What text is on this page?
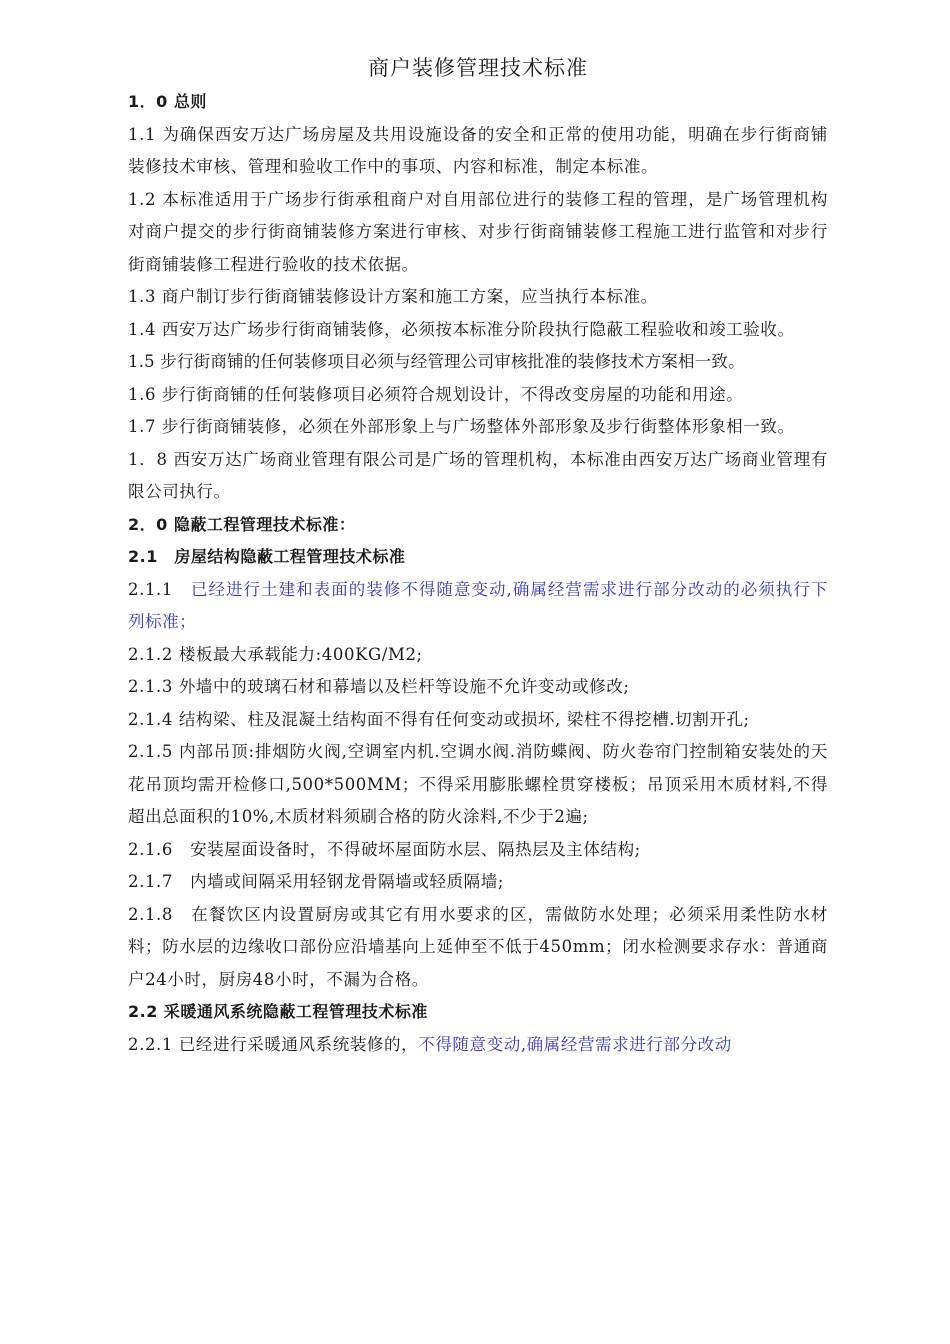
商户装修管理技术标准
1．0 总则
1.1 为确保西安万达广场房屋及共用设施设备的安全和正常的使用功能，明确在步行街商铺装修技术审核、管理和验收工作中的事项、内容和标准，制定本标准。
1.2 本标准适用于广场步行街承租商户对自用部位进行的装修工程的管理，是广场管理机构对商户提交的步行街商铺装修方案进行审核、对步行街商铺装修工程施工进行监管和对步行街商铺装修工程进行验收的技术依据。
1.3 商户制订步行街商铺装修设计方案和施工方案，应当执行本标准。
1.4 西安万达广场步行街商铺装修，必须按本标准分阶段执行隐蔽工程验收和竣工验收。
1.5 步行街商铺的任何装修项目必须与经管理公司审核批准的装修技术方案相一致。
1.6 步行街商铺的任何装修项目必须符合规划设计，不得改变房屋的功能和用途。
1.7 步行街商铺装修，必须在外部形象上与广场整体外部形象及步行街整体形象相一致。
1．8 西安万达广场商业管理有限公司是广场的管理机构，本标准由西安万达广场商业管理有限公司执行。
2．0 隐蔽工程管理技术标准：
2.1　房屋结构隐蔽工程管理技术标准
2.1.1　已经进行土建和表面的装修不得随意变动,确属经营需求进行部分改动的必须执行下列标准；
2.1.2 楼板最大承载能力:400KG/M2;
2.1.3 外墙中的玻璃石材和幕墙以及栏杆等设施不允许变动或修改;
2.1.4 结构梁、柱及混凝土结构面不得有任何变动或损坏, 梁柱不得挖槽.切割开孔;
2.1.5 内部吊顶:排烟防火阀,空调室内机.空调水阀.消防蝶阀、防火卷帘门控制箱安装处的天花吊顶均需开检修口,500*500MM；不得采用膨胀螺栓贯穿楼板；吊顶采用木质材料,不得超出总面积的10%,木质材料须刷合格的防火涂料,不少于2遍;
2.1.6　安装屋面设备时，不得破坏屋面防水层、隔热层及主体结构;
2.1.7　内墙或间隔采用轻钢龙骨隔墙或轻质隔墙;
2.1.8　在餐饮区内设置厨房或其它有用水要求的区，需做防水处理；必须采用柔性防水材料；防水层的边缘收口部份应沿墙基向上延伸至不低于450mm；闭水检测要求存水：普通商户24小时，厨房48小时，不漏为合格。
2.2 采暖通风系统隐蔽工程管理技术标准
2.2.1 已经进行采暖通风系统装修的，不得随意变动,确属经营需求进行部分改动
